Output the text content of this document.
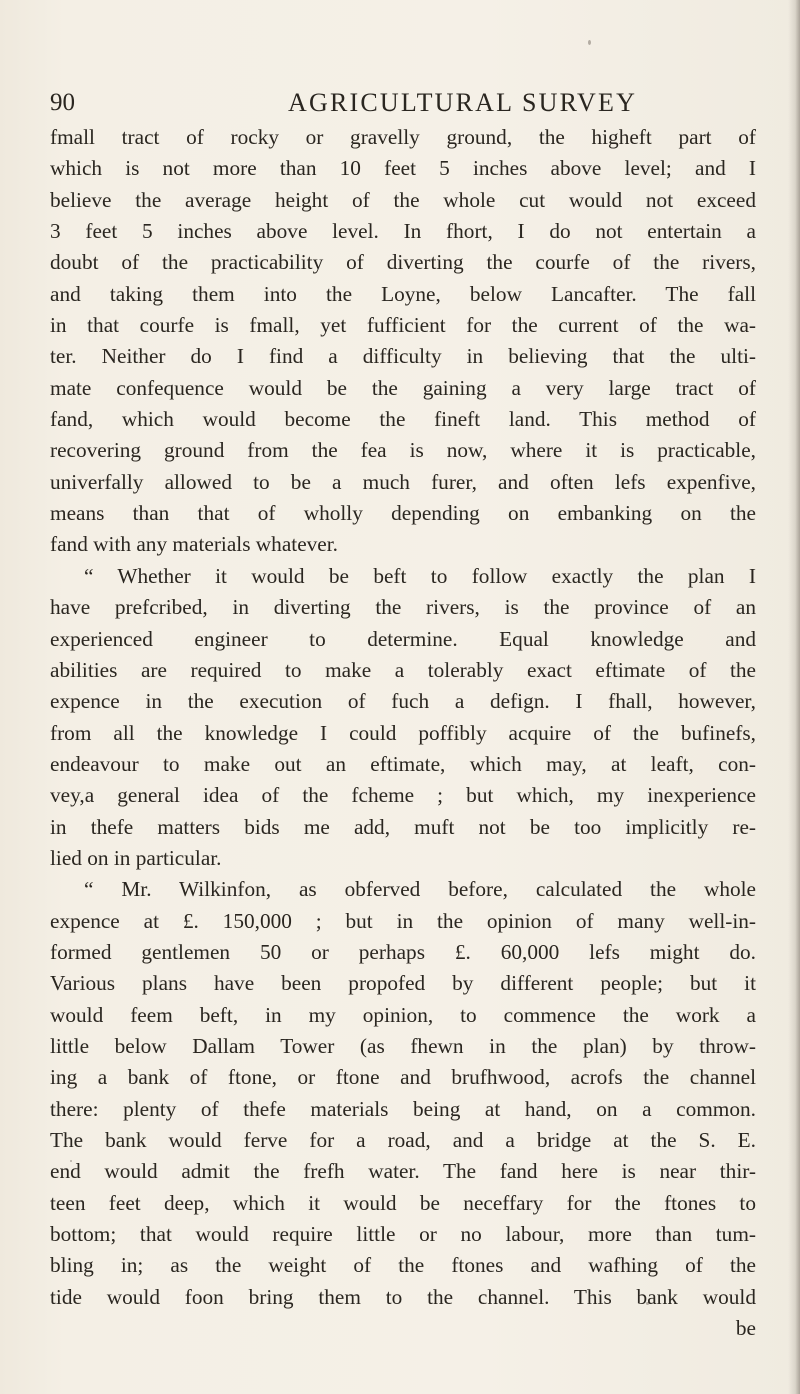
90	AGRICULTURAL SURVEY
fmall tract of rocky or gravelly ground, the higheft part of
which is not more than 10 feet 5 inches above level; and I
believe the average height of the whole cut would not exceed
3 feet 5 inches above level. In fhort, I do not entertain a
doubt of the practicability of diverting the courfe of the rivers,
and taking them into the Loyne, below Lancafter. The fall
in that courfe is fmall, yet fufficient for the current of the wa-
ter. Neither do I find a difficulty in believing that the ulti-
mate confequence would be the gaining a very large tract of
fand, which would become the fineft land. This method of
recovering ground from the fea is now, where it is practicable,
univerfally allowed to be a much furer, and often lefs expenfive,
means than that of wholly depending on embanking on the
fand with any materials whatever.
“ Whether it would be beft to follow exactly the plan I
have prefcribed, in diverting the rivers, is the province of an
experienced engineer to determine. Equal knowledge and
abilities are required to make a tolerably exact eftimate of the
expence in the execution of fuch a defign. I fhall, however,
from all the knowledge I could poffibly acquire of the bufinefs,
endeavour to make out an eftimate, which may, at leaft, con-
vey,a general idea of the fcheme ; but which, my inexperience
in thefe matters bids me add, muft not be too implicitly re-
lied on in particular.
“ Mr. Wilkinfon, as obferved before, calculated the whole
expence at £. 150,000 ; but in the opinion of many well-in-
formed gentlemen 50 or perhaps £. 60,000 lefs might do.
Various plans have been propofed by different people; but it
would feem beft, in my opinion, to commence the work a
little below Dallam Tower (as fhewn in the plan) by throw-
ing a bank of ftone, or ftone and brufhwood, acrofs the channel
there: plenty of thefe materials being at hand, on a common.
The bank would ferve for a road, and a bridge at the S. E.
end would admit the frefh water. The fand here is near thir-
teen feet deep, which it would be neceffary for the ftones to
bottom; that would require little or no labour, more than tum-
bling in; as the weight of the ftones and wafhing of the
tide would foon bring them to the channel. This bank would
be
